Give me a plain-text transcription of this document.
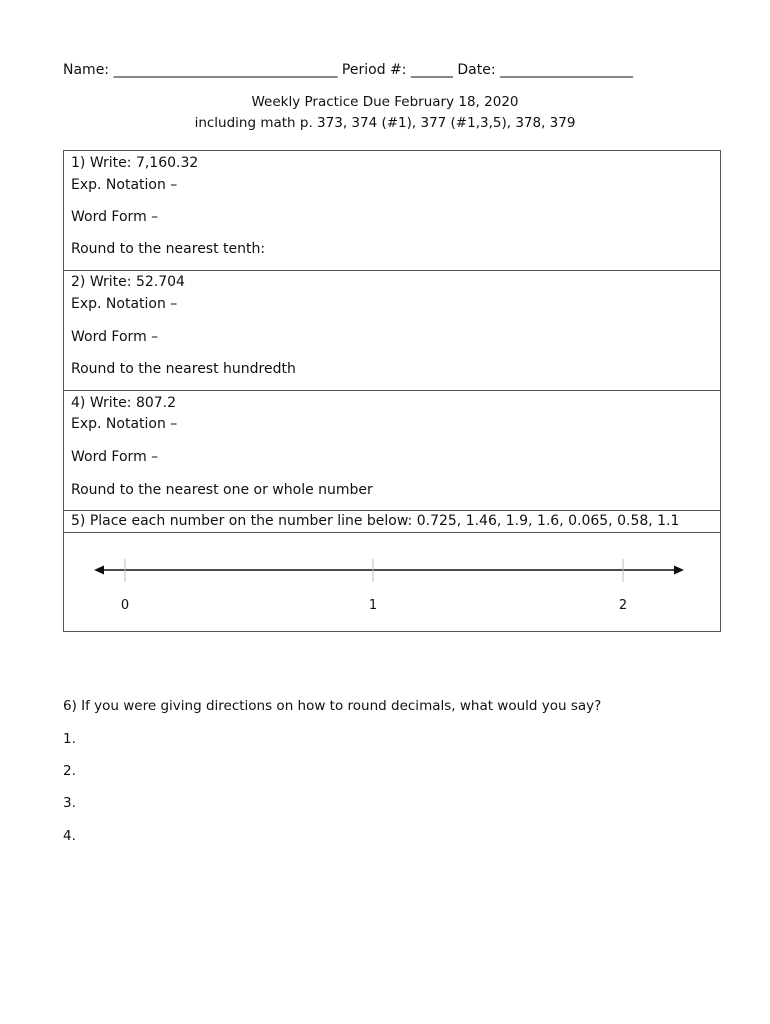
Name: ________________________________ Period #: ______ Date: ___________________
Weekly Practice Due February 18, 2020
including math p. 373, 374 (#1), 377 (#1,3,5), 378, 379
1) Write: 7,160.32
Exp. Notation –
Word Form –
Round to the nearest tenth:
2) Write: 52.704
Exp. Notation –
Word Form –
Round to the nearest hundredth
4) Write: 807.2
Exp. Notation –
Word Form –
Round to the nearest one or whole number
5) Place each number on the number line below: 0.725, 1.46, 1.9, 1.6, 0.065, 0.58, 1.1
0	1	2
6) If you were giving directions on how to round decimals, what would you say?
1.
2.
3.
4.
